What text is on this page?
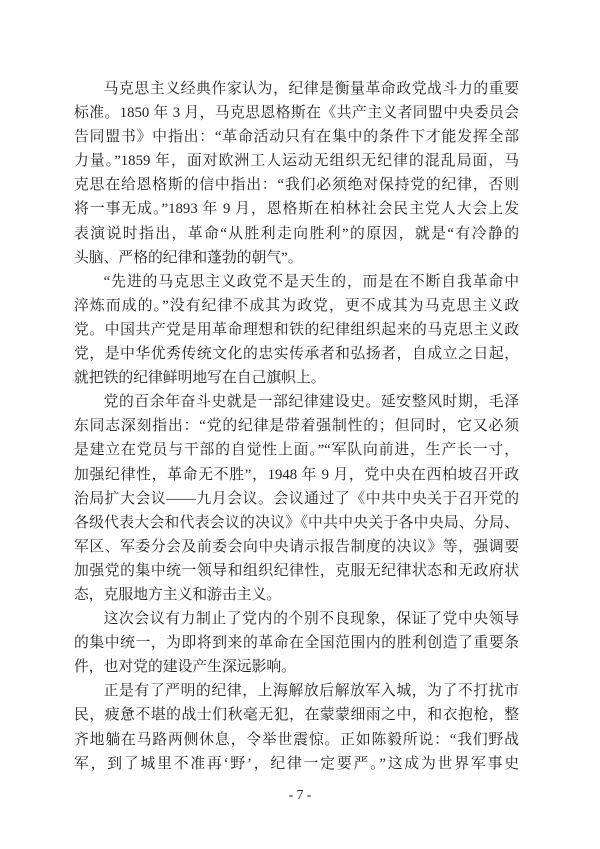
马克思主义经典作家认为，纪律是衡量革命政党战斗力的重要
标准。1850 年 3 月，马克思恩格斯在《共产主义者同盟中央委员会
告同盟书》中指出：“革命活动只有在集中的条件下才能发挥全部
力量。”1859 年，面对欧洲工人运动无组织无纪律的混乱局面，马
克思在给恩格斯的信中指出：“我们必须绝对保持党的纪律，否则
将一事无成。”1893 年 9 月，恩格斯在柏林社会民主党人大会上发
表演说时指出，革命“从胜利走向胜利”的原因，就是“有冷静的
头脑、严格的纪律和蓬勃的朝气”。
“先进的马克思主义政党不是天生的，而是在不断自我革命中
淬炼而成的。”没有纪律不成其为政党，更不成其为马克思主义政
党。中国共产党是用革命理想和铁的纪律组织起来的马克思主义政
党，是中华优秀传统文化的忠实传承者和弘扬者，自成立之日起，
就把铁的纪律鲜明地写在自己旗帜上。
党的百余年奋斗史就是一部纪律建设史。延安整风时期，毛泽
东同志深刻指出：“党的纪律是带着强制性的；但同时，它又必须
是建立在党员与干部的自觉性上面。”“军队向前进，生产长一寸，
加强纪律性，革命无不胜”，1948 年 9 月，党中央在西柏坡召开政
治局扩大会议——九月会议。会议通过了《中共中央关于召开党的
各级代表大会和代表会议的决议》《中共中央关于各中央局、分局、
军区、军委分会及前委会向中央请示报告制度的决议》等，强调要
加强党的集中统一领导和组织纪律性，克服无纪律状态和无政府状
态，克服地方主义和游击主义。
这次会议有力制止了党内的个别不良现象，保证了党中央领导
的集中统一，为即将到来的革命在全国范围内的胜利创造了重要条
件，也对党的建设产生深远影响。
正是有了严明的纪律，上海解放后解放军入城，为了不打扰市
民，疲惫不堪的战士们秋毫无犯，在蒙蒙细雨之中，和衣抱枪，整
齐地躺在马路两侧休息，令举世震惊。正如陈毅所说：“我们野战
军，到了城里不准再‘野’，纪律一定要严。”这成为世界军事史
- 7 -
